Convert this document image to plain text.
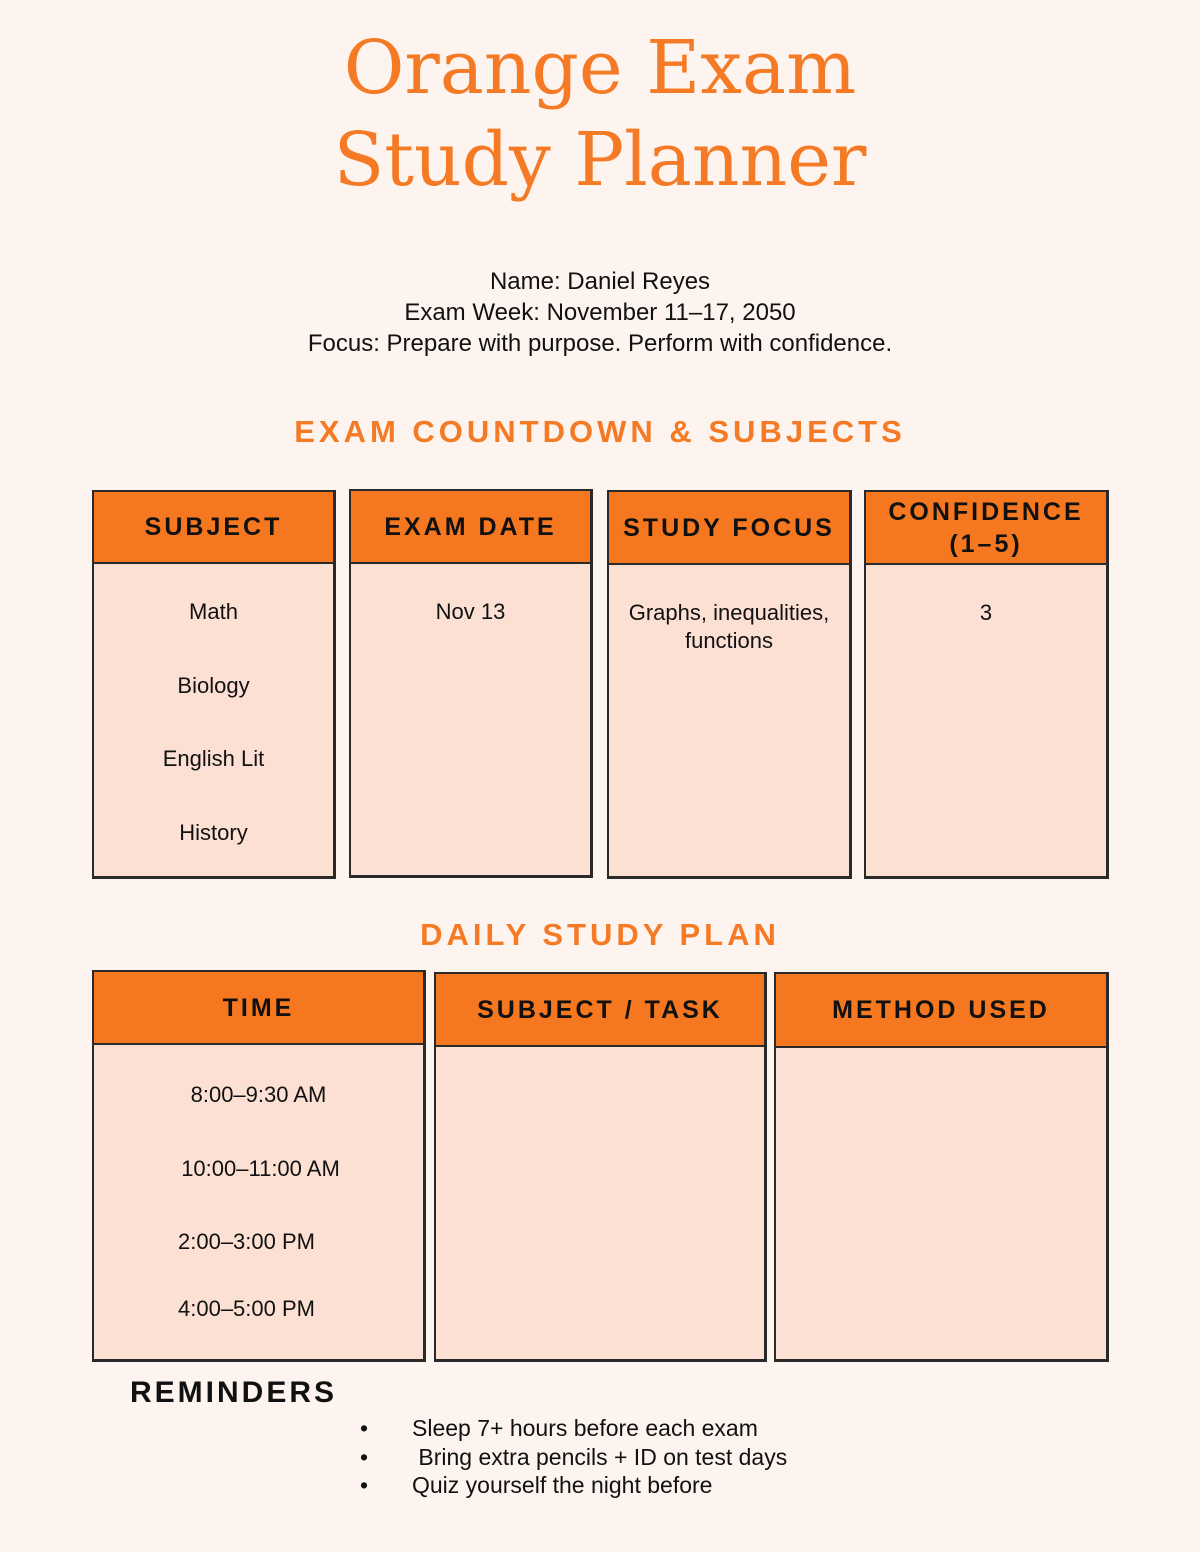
Orange Exam
Study Planner
Name: Daniel Reyes
Exam Week: November 11–17, 2050
Focus: Prepare with purpose. Perform with confidence.
EXAM COUNTDOWN & SUBJECTS
SUBJECT
Math
Biology
English Lit
History
EXAM DATE
Nov 13
STUDY FOCUS
Graphs, inequalities, functions
CONFIDENCE (1–5)
3
DAILY STUDY PLAN
TIME
8:00–9:30 AM
10:00–11:00 AM
2:00–3:00 PM
4:00–5:00 PM
SUBJECT / TASK	METHOD USED
REMINDERS
• Sleep 7+ hours before each exam
•  Bring extra pencils + ID on test days
• Quiz yourself the night before
